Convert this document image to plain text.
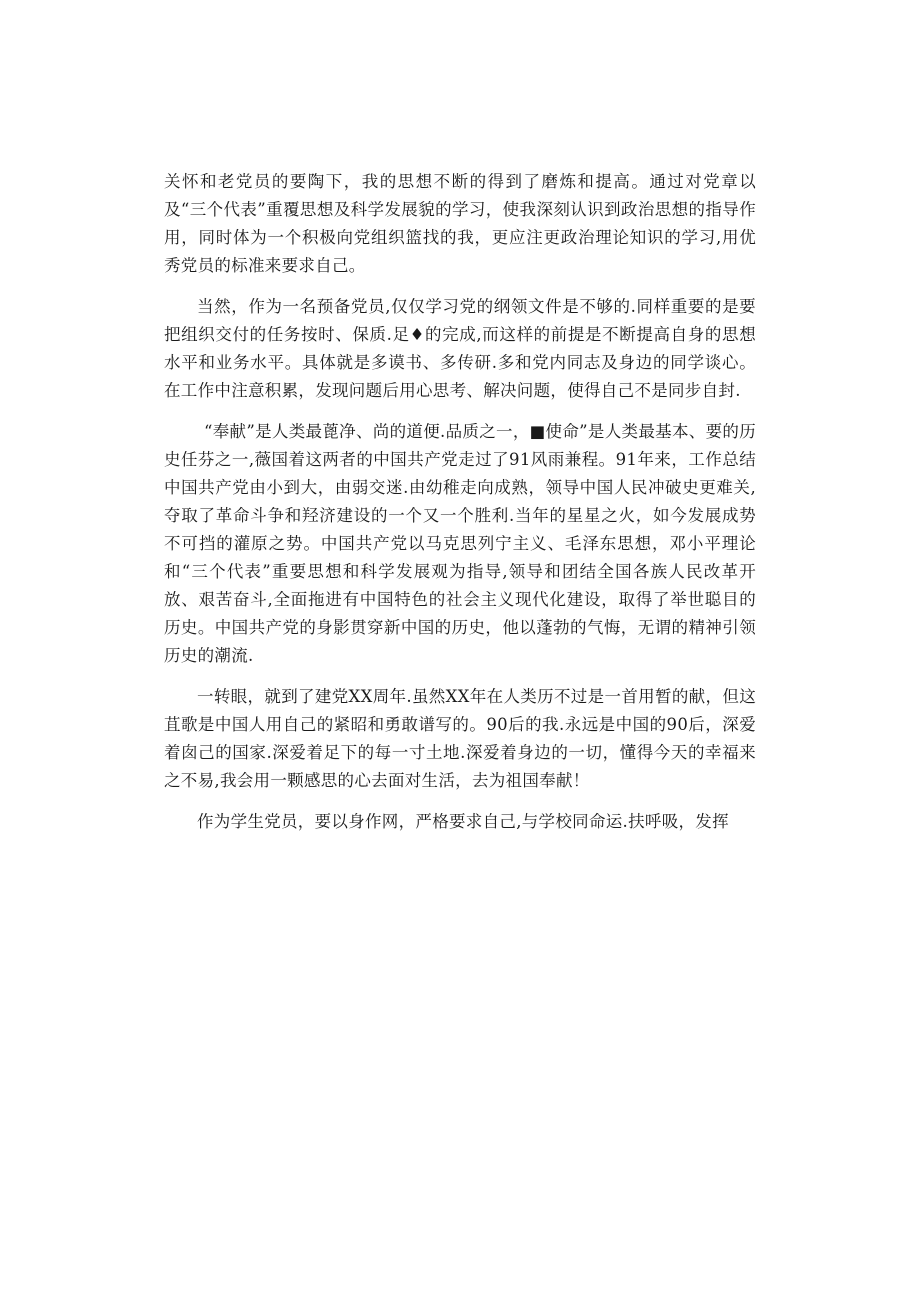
关怀和老党员的要陶下，我的思想不断的得到了磨炼和提高。通过对党章以及“三个代表”重覆思想及科学发展貌的学习，使我深刻认识到政治思想的指导作用，同时体为一个积极向党组织篮找的我，更应注更政治理论知识的学习,用优秀党员的标准来要求自己。

当然，作为一名预备党员,仅仅学习党的纲领文件是不够的.同样重要的是要把组织交付的任务按时、保质.足♦的完成,而这样的前提是不断提高自身的思想水平和业务水平。具体就是多谟书、多传研.多和党内同志及身边的同学谈心。在工作中注意积累，发现问题后用心思考、解决问题，使得自己不是同步自封.

“奉献”是人类最蓖净、尚的道便.品质之一，■使命”是人类最基本、要的历史任芬之一,薇国着这两者的中国共产党走过了91风雨兼程。91年来，工作总结中国共产党由小到大，由弱交迷.由幼稚走向成熟，领导中国人民冲破史更难关,夺取了革命斗争和羟济建设的一个又一个胜利.当年的星星之火，如今发展成势不可挡的灌原之势。中国共产党以马克思列宁主义、毛泽东思想，邓小平理论和“三个代表”重要思想和科学发展观为指导,领导和团结全国各族人民改革开放、艰苦奋斗,全面拖进有中国特色的社会主义现代化建设，取得了举世聪目的历史。中国共产党的身影贯穿新中国的历史，他以蓬勃的气悔，无谓的精神引领历史的潮流.

一转眼，就到了建党XX周年.虽然XX年在人类历不过是一首用暂的献，但这苴歌是中国人用自己的紧昭和勇敢谱写的。90后的我.永远是中国的90后，深爱着囱己的国家.深爱着足下的每一寸土地.深爱着身边的一切，懂得今天的幸福来之不易,我会用一颗感思的心去面对生活，去为祖国奉献！

作为学生党员，要以身作网，严格要求自己,与学校同命运.扶呼吸，发挥
